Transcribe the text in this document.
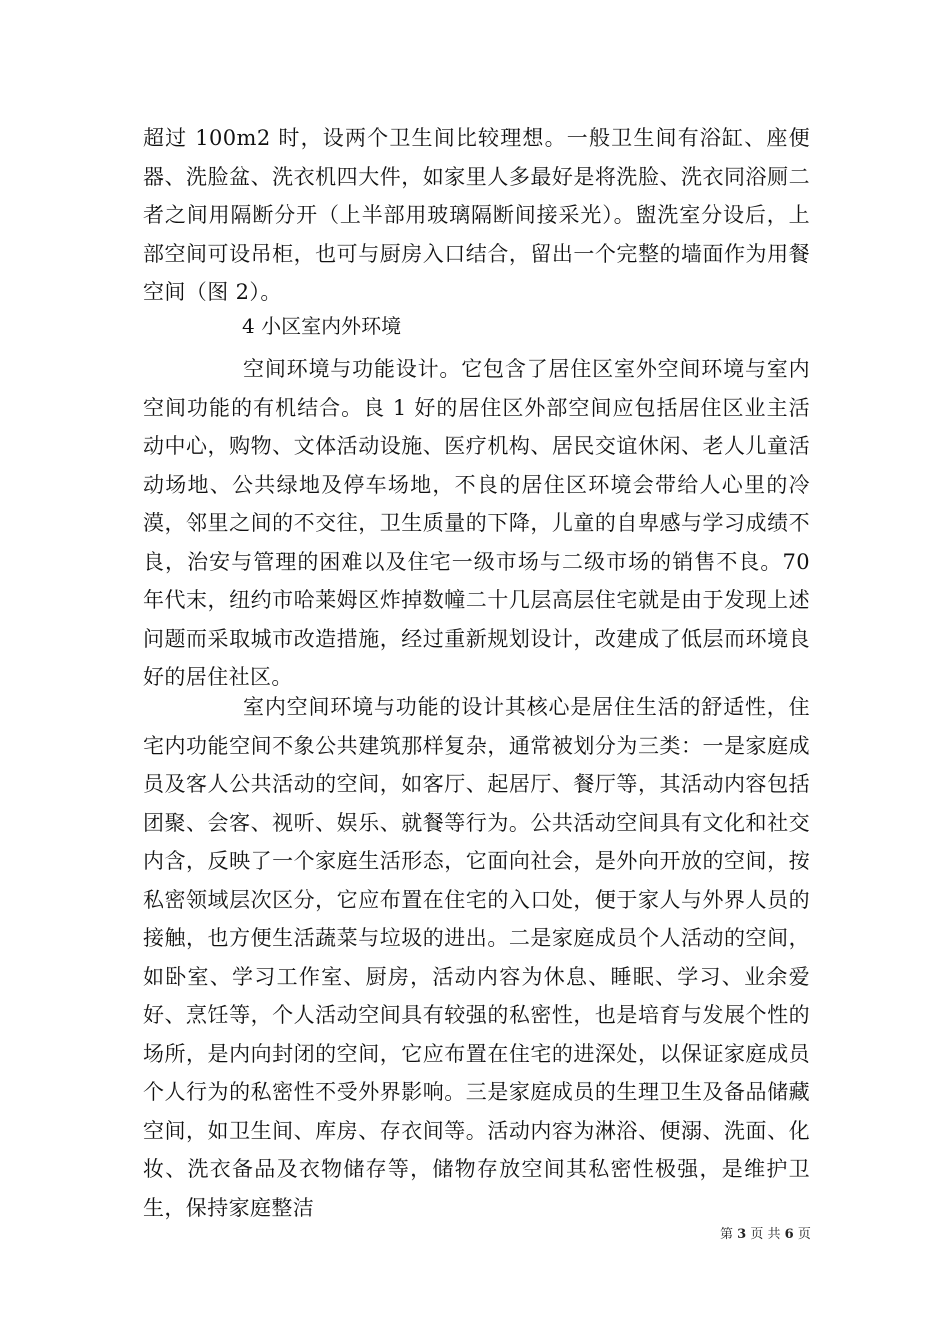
超过 100m2 时，设两个卫生间比较理想。一般卫生间有浴缸、座便器、洗脸盆、洗衣机四大件，如家里人多最好是将洗脸、洗衣同浴厕二者之间用隔断分开（上半部用玻璃隔断间接采光）。盥洗室分设后，上部空间可设吊柜，也可与厨房入口结合，留出一个完整的墙面作为用餐空间（图 2）。
4 小区室内外环境
空间环境与功能设计。它包含了居住区室外空间环境与室内空间功能的有机结合。良 1 好的居住区外部空间应包括居住区业主活动中心，购物、文体活动设施、医疗机构、居民交谊休闲、老人儿童活动场地、公共绿地及停车场地，不良的居住区环境会带给人心里的冷漠，邻里之间的不交往，卫生质量的下降，儿童的自卑感与学习成绩不良，治安与管理的困难以及住宅一级市场与二级市场的销售不良。70 年代末，纽约市哈莱姆区炸掉数幢二十几层高层住宅就是由于发现上述问题而采取城市改造措施，经过重新规划设计，改建成了低层而环境良好的居住社区。
室内空间环境与功能的设计其核心是居住生活的舒适性，住宅内功能空间不象公共建筑那样复杂，通常被划分为三类：一是家庭成员及客人公共活动的空间，如客厅、起居厅、餐厅等，其活动内容包括团聚、会客、视听、娱乐、就餐等行为。公共活动空间具有文化和社交内含，反映了一个家庭生活形态，它面向社会，是外向开放的空间，按私密领域层次区分，它应布置在住宅的入口处，便于家人与外界人员的接触，也方便生活蔬菜与垃圾的进出。二是家庭成员个人活动的空间，如卧室、学习工作室、厨房，活动内容为休息、睡眠、学习、业余爱好、烹饪等，个人活动空间具有较强的私密性，也是培育与发展个性的场所，是内向封闭的空间，它应布置在住宅的进深处，以保证家庭成员个人行为的私密性不受外界影响。三是家庭成员的生理卫生及备品储藏空间，如卫生间、库房、存衣间等。活动内容为淋浴、便溺、洗面、化妆、洗衣备品及衣物储存等，储物存放空间其私密性极强，是维护卫生，保持家庭整洁
第 3 页 共 6 页
